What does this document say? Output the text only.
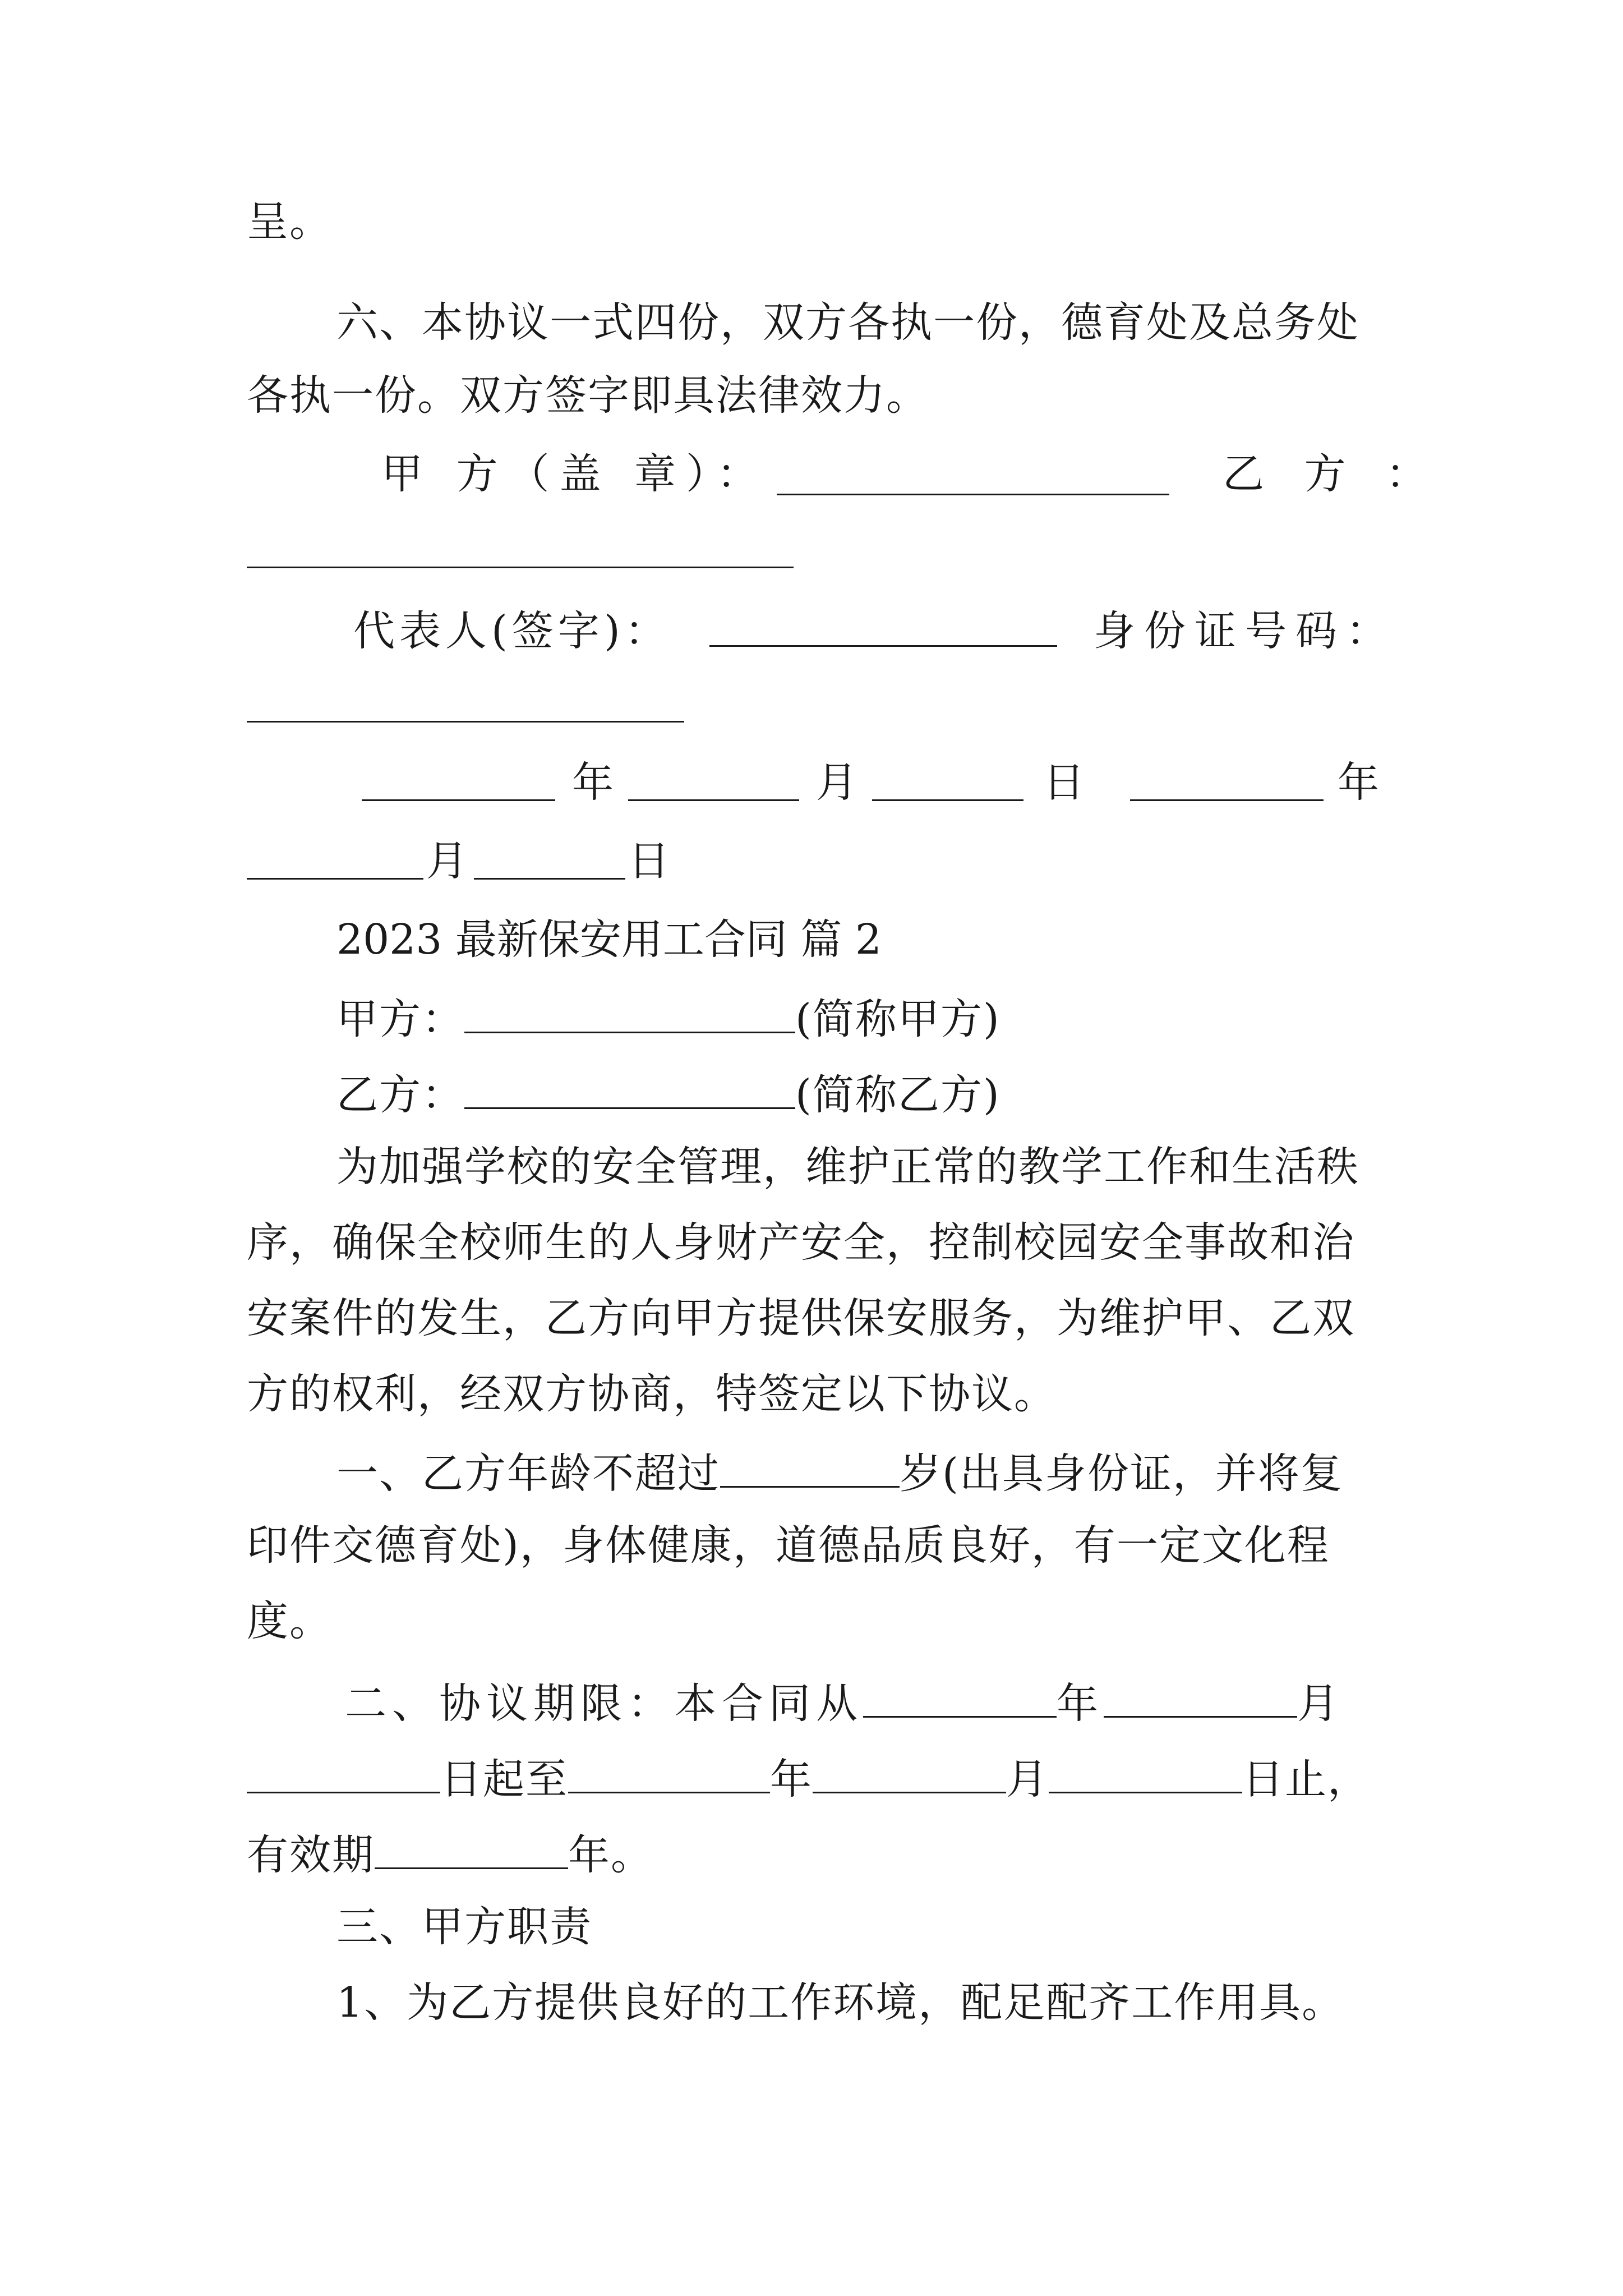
呈。
六、本协议一式四份，双方各执一份，德育处及总务处
各执一份。双方签字即具法律效力。
甲 方（盖 章）：	乙 方 ：
代表人(签字)：	身份证号码：
年	月	日	年
月	日
2023 最新保安用工合同 篇 2
甲方：	(简称甲方)
乙方：	(简称乙方)
为加强学校的安全管理，维护正常的教学工作和生活秩
序，确保全校师生的人身财产安全，控制校园安全事故和治
安案件的发生，乙方向甲方提供保安服务，为维护甲、乙双
方的权利，经双方协商，特签定以下协议。
一、乙方年龄不超过	岁(出具身份证，并将复
印件交德育处)，身体健康，道德品质良好，有一定文化程
度。
二、协议期限：本合同从	年	月
日起至	年	月	日止，
有效期	年。
三、甲方职责
1、为乙方提供良好的工作环境，配足配齐工作用具。
